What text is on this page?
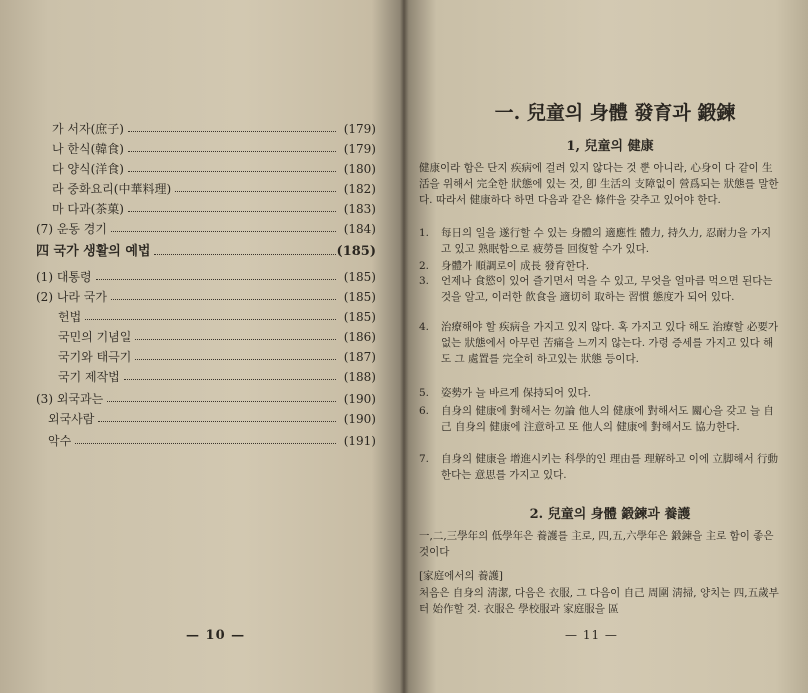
가 서자(庶子)	(179)
나 한식(韓食)	(179)
다 양식(洋食)	(180)
라 중화요리(中華料理)	(182)
마 다과(茶菓)	(183)
(7) 운동 경기	(184)
四 국가 생활의 예법	(185)
(1) 대통령	(185)
(2) 나라 국가	(185)
헌법	(185)
국민의 기념일	(186)
국기와 태극기	(187)
국기 제작법	(188)
(3) 외국과는	(190)
외국사람	(190)
악수	(191)
— 10 —
一. 兒童의 身體 發育과 鍛鍊
1, 兒童의 健康
健康이라 함은 단지 疾病에 걸려 있지 않다는 것 뿐 아니라, 心身이 다 같이 生活을 위해서 完全한 狀態에 있는 것, 卽 生活의 支障없이 營爲되는 狀態를 말한다. 따라서 健康하다 하면 다음과 같은 條件을 갖추고 있어야 한다.
1. 每日의 일을 遂行할 수 있는 身體의 適應性 體力, 持久力, 忍耐力을 가지고 있고 熟眠함으로 疲勞를 回復할 수가 있다.
2. 身體가 順調로이 成長 發育한다.
3. 언제나 食慾이 있어 즐기면서 먹을 수 있고, 무엇을 얼마큼 먹으면 된다는 것을 알고, 이러한 飮食을 適切히 取하는 習慣 態度가 되어 있다.
4. 治療해야 할 疾病을 가지고 있지 않다. 혹 가지고 있다 해도 治療할 必要가 없는 狀態에서 아무런 苦痛을 느끼지 않는다. 가령 증세를 가지고 있다 해도 그 處置를 完全히 하고있는 狀態 등이다.
5. 姿勢가 늘 바르게 保持되어 있다.
6. 自身의 健康에 對해서는 勿論 他人의 健康에 對해서도 關心을 갖고 늘 自己 自身의 健康에 注意하고 또 他人의 健康에 對해서도 協力한다.
7. 自身의 健康을 增進시키는 科學的인 理由를 理解하고 이에 立脚해서 行動한다는 意思를 가지고 있다.
2. 兒童의 身體 鍛鍊과 養護
一,二,三學年의 低學年은 養護를 主로, 四,五,六學年은 鍛鍊을 主로 함이 좋은 것이다
[家庭에서의 養護]
처음은 自身의 淸潔, 다음은 衣服, 그 다음이 自己 周圍 淸掃, 양치는 四,五歲부터 始作할 것. 衣服은 學校服과 家庭服을 區
— 11 —
